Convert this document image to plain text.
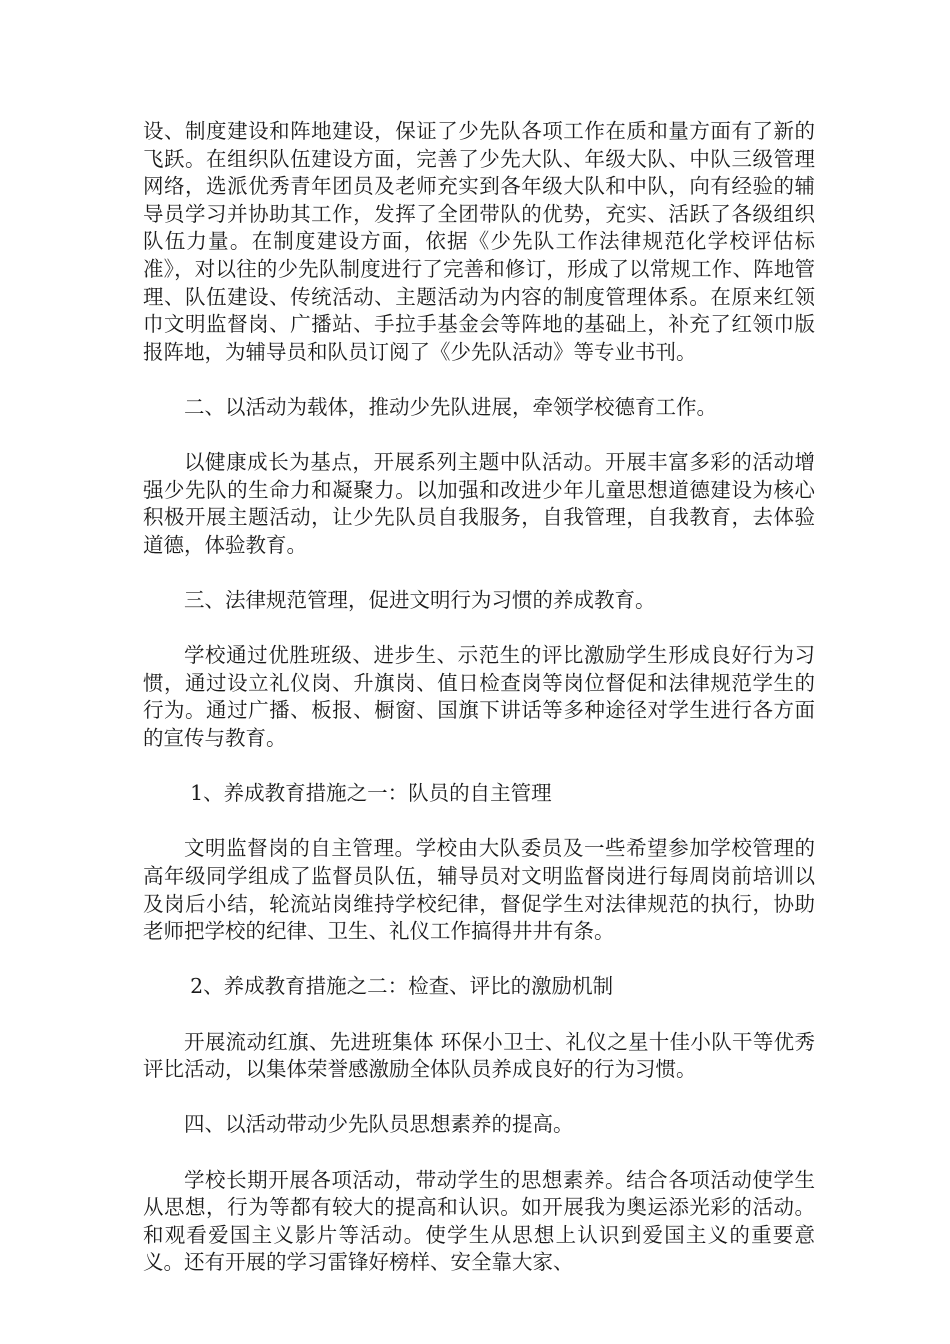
设、制度建设和阵地建设，保证了少先队各项工作在质和量方面有了新的飞跃。在组织队伍建设方面，完善了少先大队、年级大队、中队三级管理网络，选派优秀青年团员及老师充实到各年级大队和中队，向有经验的辅导员学习并协助其工作，发挥了全团带队的优势，充实、活跃了各级组织队伍力量。在制度建设方面，依据《少先队工作法律规范化学校评估标准》，对以往的少先队制度进行了完善和修订，形成了以常规工作、阵地管理、队伍建设、传统活动、主题活动为内容的制度管理体系。在原来红领巾文明监督岗、广播站、手拉手基金会等阵地的基础上，补充了红领巾版报阵地，为辅导员和队员订阅了《少先队活动》等专业书刊。

二、以活动为载体，推动少先队进展，牵领学校德育工作。

以健康成长为基点，开展系列主题中队活动。开展丰富多彩的活动增强少先队的生命力和凝聚力。以加强和改进少年儿童思想道德建设为核心积极开展主题活动，让少先队员自我服务，自我管理，自我教育，去体验道德，体验教育。

三、法律规范管理，促进文明行为习惯的养成教育。

学校通过优胜班级、进步生、示范生的评比激励学生形成良好行为习惯，通过设立礼仪岗、升旗岗、值日检查岗等岗位督促和法律规范学生的行为。通过广播、板报、橱窗、国旗下讲话等多种途径对学生进行各方面的宣传与教育。

1、养成教育措施之一：队员的自主管理

文明监督岗的自主管理。学校由大队委员及一些希望参加学校管理的高年级同学组成了监督员队伍，辅导员对文明监督岗进行每周岗前培训以及岗后小结，轮流站岗维持学校纪律，督促学生对法律规范的执行，协助老师把学校的纪律、卫生、礼仪工作搞得井井有条。

2、养成教育措施之二：检查、评比的激励机制

开展流动红旗、先进班集体 环保小卫士、礼仪之星十佳小队干等优秀评比活动，以集体荣誉感激励全体队员养成良好的行为习惯。

四、以活动带动少先队员思想素养的提高。

学校长期开展各项活动，带动学生的思想素养。结合各项活动使学生从思想，行为等都有较大的提高和认识。如开展我为奥运添光彩的活动。和观看爱国主义影片等活动。使学生从思想上认识到爱国主义的重要意义。还有开展的学习雷锋好榜样、安全靠大家、
